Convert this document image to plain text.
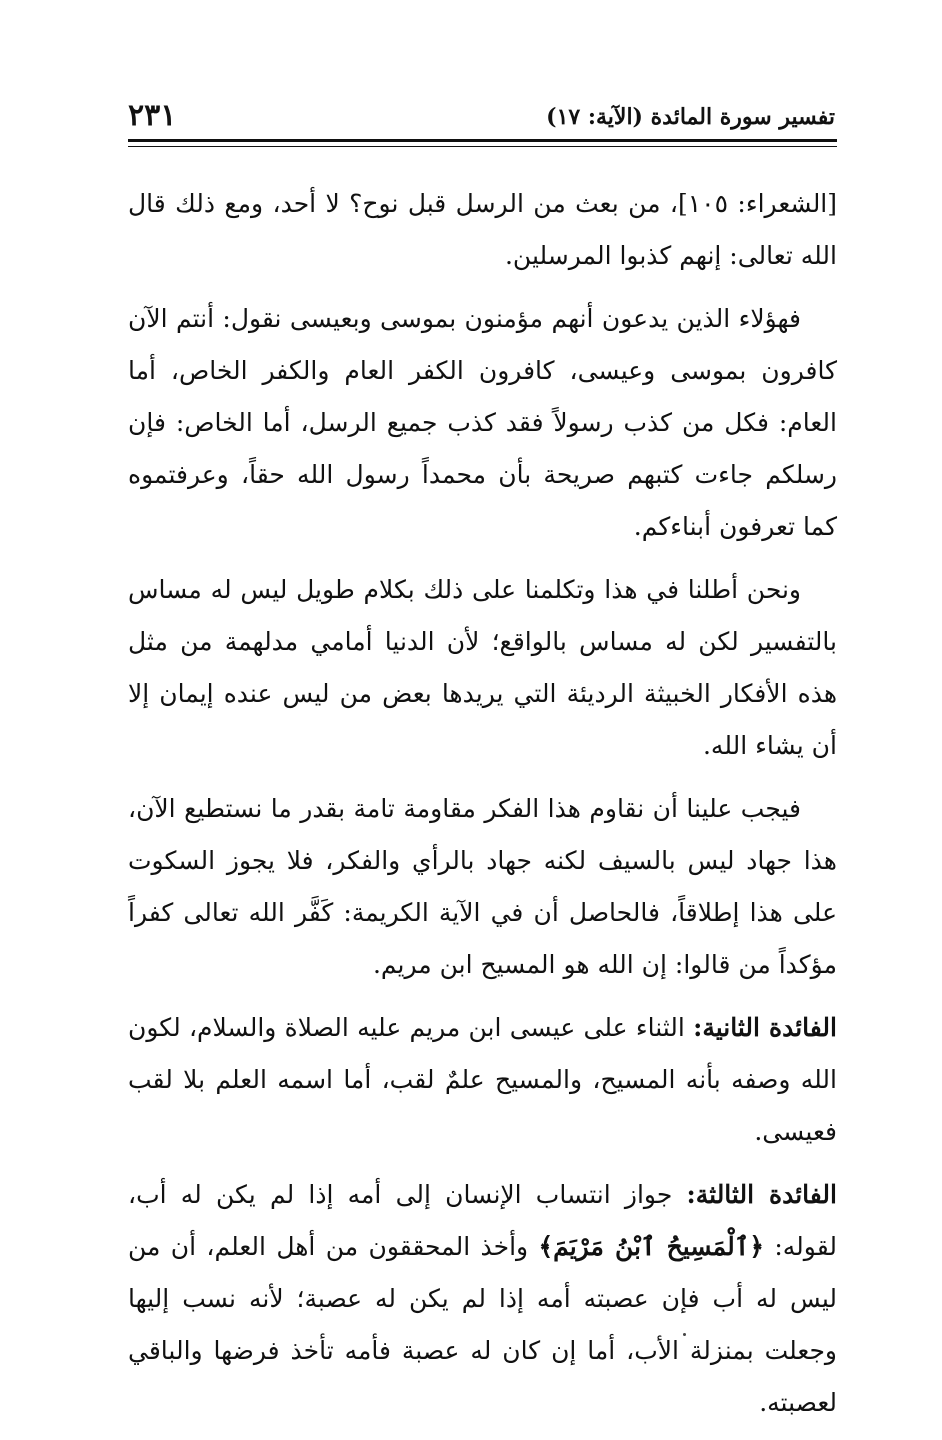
تفسير سورة المائدة (الآية: ١٧)
٢٣١

[الشعراء: ١٠٥]، من بعث من الرسل قبل نوح؟ لا أحد، ومع ذلك قال الله تعالى: إنهم كذبوا المرسلين.

فهؤلاء الذين يدعون أنهم مؤمنون بموسى وبعيسى نقول: أنتم الآن كافرون بموسى وعيسى، كافرون الكفر العام والكفر الخاص، أما العام: فكل من كذب رسولاً فقد كذب جميع الرسل، أما الخاص: فإن رسلكم جاءت كتبهم صريحة بأن محمداً رسول الله حقاً، وعرفتموه كما تعرفون أبناءكم.

ونحن أطلنا في هذا وتكلمنا على ذلك بكلام طويل ليس له مساس بالتفسير لكن له مساس بالواقع؛ لأن الدنيا أمامي مدلهمة من مثل هذه الأفكار الخبيثة الرديئة التي يريدها بعض من ليس عنده إيمان إلا أن يشاء الله.

فيجب علينا أن نقاوم هذا الفكر مقاومة تامة بقدر ما نستطيع الآن، هذا جهاد ليس بالسيف لكنه جهاد بالرأي والفكر، فلا يجوز السكوت على هذا إطلاقاً، فالحاصل أن في الآية الكريمة: كَفَّر الله تعالى كفراً مؤكداً من قالوا: إن الله هو المسيح ابن مريم.

الفائدة الثانية: الثناء على عيسى ابن مريم عليه الصلاة والسلام، لكون الله وصفه بأنه المسيح، والمسيح علمٌ لقب، أما اسمه العلم بلا لقب فعيسى.

الفائدة الثالثة: جواز انتساب الإنسان إلى أمه إذا لم يكن له أب، لقوله: ﴿ٱلْمَسِيحُ ٱبْنُ مَرْيَمَ﴾ وأخذ المحققون من أهل العلم، أن من ليس له أب فإن عصبته أمه إذا لم يكن له عصبة؛ لأنه نسب إليها وجعلت بمنزلة الأب، أما إن كان له عصبة فأمه تأخذ فرضها والباقي لعصبته.
